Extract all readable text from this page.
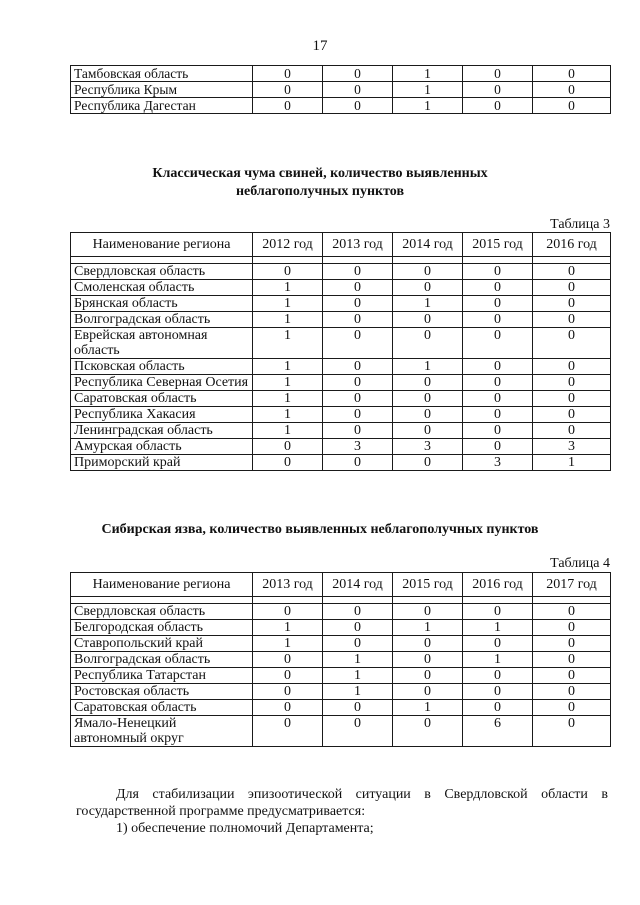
17
Тамбовская область	0	0	1	0	0
Республика Крым	0	0	1	0	0
Республика Дагестан	0	0	1	0	0
Классическая чума свиней, количество выявленных
неблагополучных пунктов
Таблица 3
Наименование региона	2012 год	2013 год	2014 год	2015 год	2016 год

Свердловская область	0	0	0	0	0
Смоленская область	1	0	0	0	0
Брянская область	1	0	1	0	0
Волгоградская область	1	0	0	0	0
Еврейская автономная область	1	0	0	0	0
Псковская область	1	0	1	0	0
Республика Северная Осетия	1	0	0	0	0
Саратовская область	1	0	0	0	0
Республика Хакасия	1	0	0	0	0
Ленинградская область	1	0	0	0	0
Амурская область	0	3	3	0	3
Приморский край	0	0	0	3	1
Сибирская язва, количество выявленных неблагополучных пунктов
Таблица 4
Наименование региона	2013 год	2014 год	2015 год	2016 год	2017 год

Свердловская область	0	0	0	0	0
Белгородская область	1	0	1	1	0
Ставропольский край	1	0	0	0	0
Волгоградская область	0	1	0	1	0
Республика Татарстан	0	1	0	0	0
Ростовская область	0	1	0	0	0
Саратовская область	0	0	1	0	0
Ямало-Ненецкий автономный округ	0	0	0	6	0

Для стабилизации эпизоотической ситуации в Свердловской области в государственной программе предусматривается:

1) обеспечение полномочий Департамента;
